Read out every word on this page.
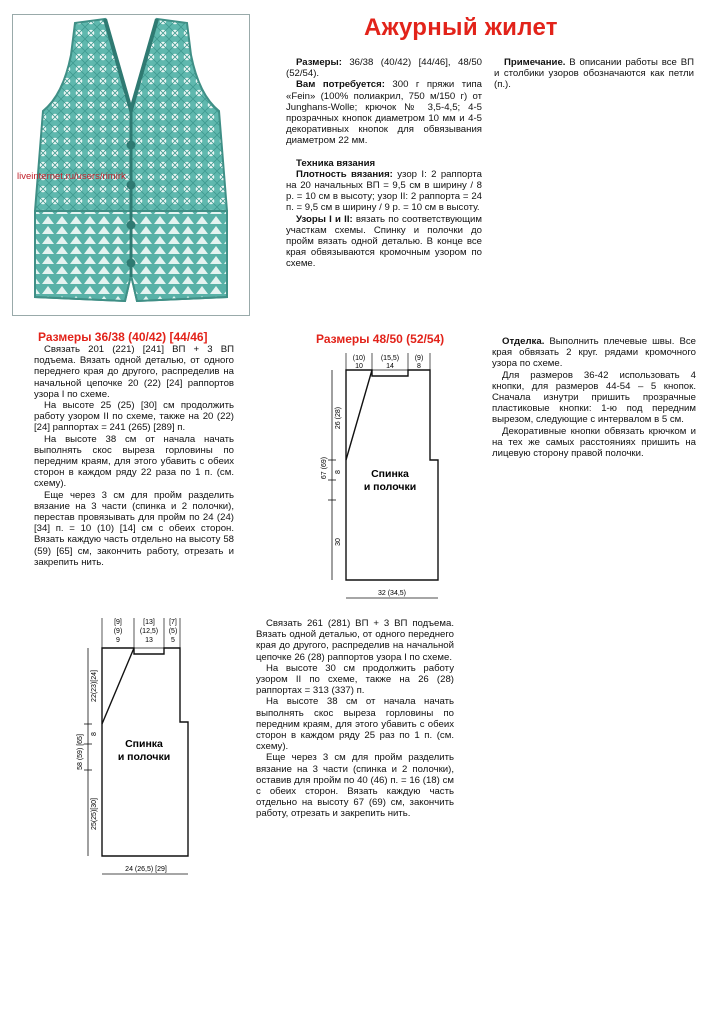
liveinternet.ru/users/rimirk
Ажурный жилет

Размеры: 36/38 (40/42) [44/46], 48/50 (52/54).

Вам потребуется: 300 г пряжи типа «Fein» (100% полиакрил, 750 м/150 г) от Junghans-Wolle; крючок № 3,5-4,5; 4-5 прозрачных кнопок диаметром 10 мм и 4-5 декоративных кнопок для обвязывания диаметром 22 мм.

Техника вязания

Плотность вязания: узор I: 2 раппорта на 20 начальных ВП = 9,5 см в ширину / 8 р. = 10 см в высоту; узор II: 2 раппорта = 24 п. = 9,5 см в ширину / 9 р. = 10 см в высоту.

Узоры I и II: вязать по соответствующим участкам схемы. Спинку и полочки до пройм вязать одной деталью. В конце все края обвязываются кромочным узором по схеме.

Примечание. В описании работы все ВП и столбики узоров обозначаются как петли (п.).

Размеры 36/38 (40/42) [44/46]

Связать 201 (221) [241] ВП + 3 ВП подъема. Вязать одной деталью, от одного переднего края до другого, распределив на начальной цепочке 20 (22) [24] раппортов узора I по схеме.

На высоте 25 (25) [30] см продолжить работу узором II по схеме, также на 20 (22) [24] раппортах = 241 (265) [289] п.

На высоте 38 см от начала начать выполнять скос выреза горловины по передним краям, для этого убавить с обеих сторон в каждом ряду 22 раза по 1 п. (см. схему).

Еще через 3 см для пройм разделить вязание на 3 части (спинка и 2 полочки), перестав провязывать для пройм по 24 (24) [34] п. = 10 (10) [14] см с обеих сторон. Вязать каждую часть отдельно на высоту 58 (59) [65] см, закончить работу, отрезать и закрепить нить.

Размеры 48/50 (52/54)	Отделка. Выполнить плечевые швы. Все края обвязать 2 круг. рядами кромочного узора по схеме.

Для размеров 36-42 использовать 4 кнопки, для размеров 44-54 – 5 кнопок. Сначала изнутри пришить прозрачные пластиковые кнопки: 1-ю под передним вырезом, следующие с интервалом в 5 см.

Декоративные кнопки обвязать крючком и на тех же самых расстояниях пришить на лицевую сторону правой полочки.

(10) (15,5) (9)
10	14	8
26 (28)
67 (69) 8
30
Спинка
и полочки
32 (34,5)
[9]	[13] [7]
(9)	(12,5) (5)
9	13	5
22(23)[24]
58 (59) [65]
8
25(25)[30]
Спинка
и полочки
24 (26,5) [29]

Связать 261 (281) ВП + 3 ВП подъема. Вязать одной деталью, от одного переднего края до другого, распределив на начальной цепочке 26 (28) раппортов узора I по схеме.

На высоте 30 см продолжить работу узором II по схеме, также на 26 (28) раппортах = 313 (337) п.

На высоте 38 см от начала начать выполнять скос выреза горловины по передним краям, для этого убавить с обеих сторон в каждом ряду 25 раз по 1 п. (см. схему).

Еще через 3 см для пройм разделить вязание на 3 части (спинка и 2 полочки), оставив для пройм по 40 (46) п. = 16 (18) см с обеих сторон. Вязать каждую часть отдельно на высоту 67 (69) см, закончить работу, отрезать и закрепить нить.
